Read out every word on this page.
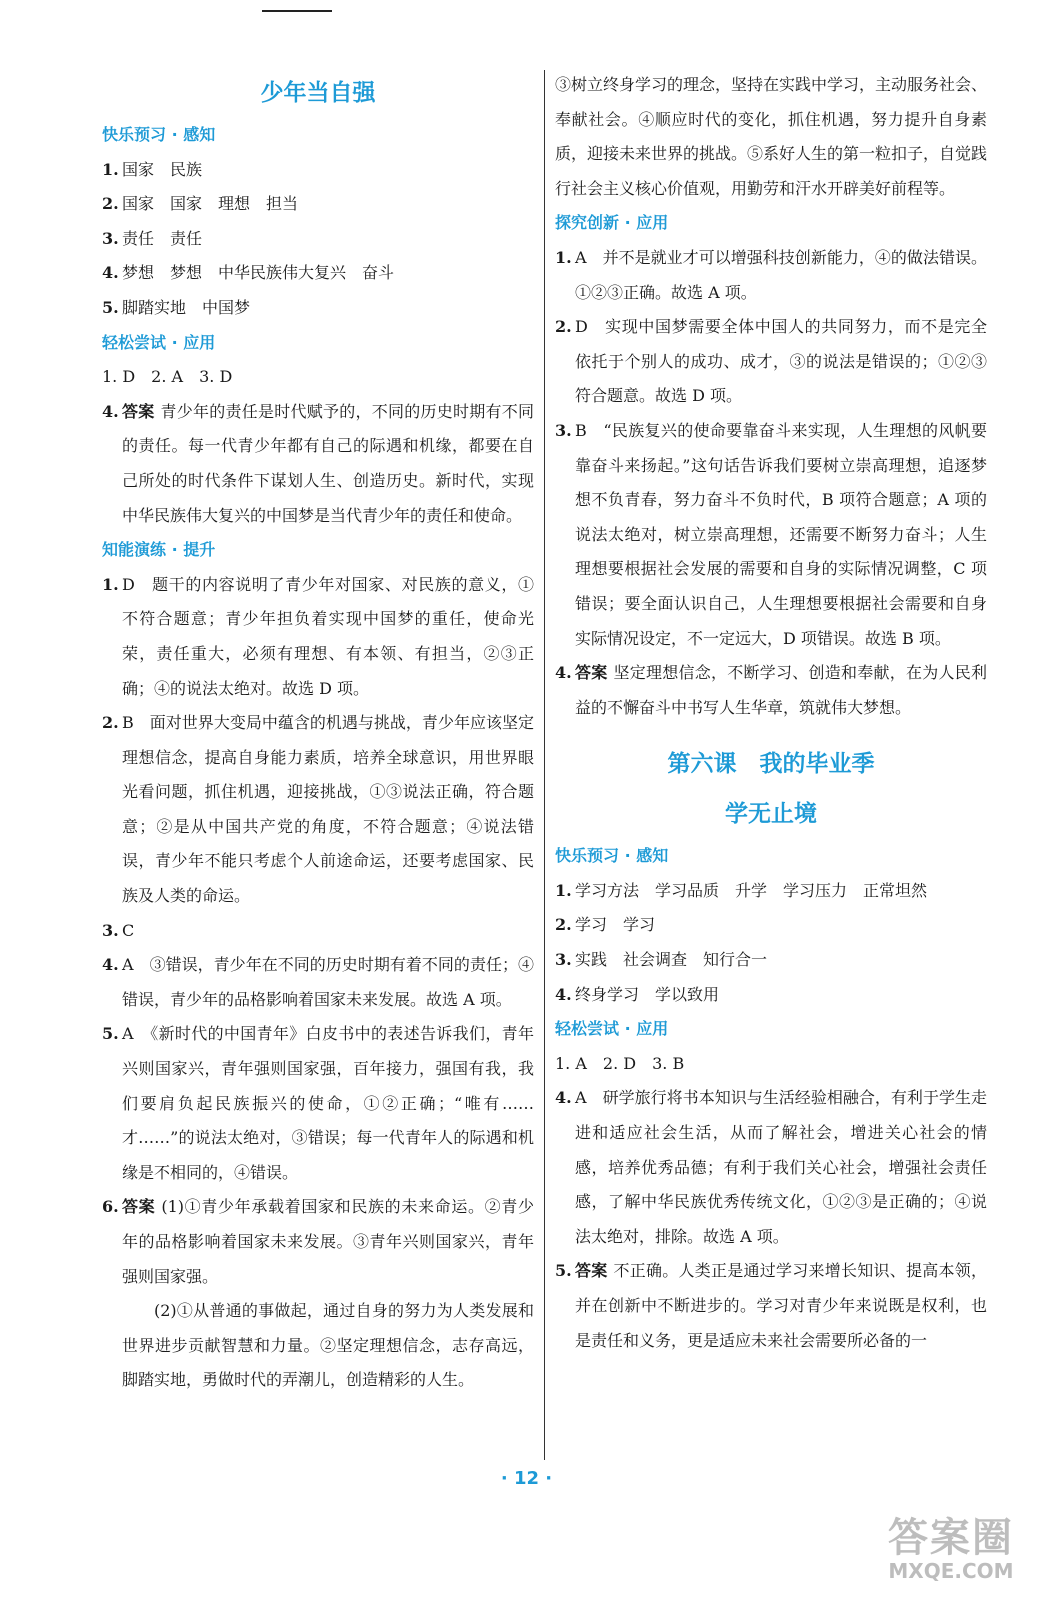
少年当自强
快乐预习 · 感知
1. 国家　民族
2. 国家　国家　理想　担当
3. 责任　责任
4. 梦想　梦想　中华民族伟大复兴　奋斗
5. 脚踏实地　中国梦
轻松尝试 · 应用
1. D　2. A　3. D
4. 答案 青少年的责任是时代赋予的，不同的历史时期有不同的责任。每一代青少年都有自己的际遇和机缘，都要在自己所处的时代条件下谋划人生、创造历史。新时代，实现中华民族伟大复兴的中国梦是当代青少年的责任和使命。
知能演练 · 提升
1. D　题干的内容说明了青少年对国家、对民族的意义，①不符合题意；青少年担负着实现中国梦的重任，使命光荣，责任重大，必须有理想、有本领、有担当，②③正确；④的说法太绝对。故选 D 项。
2. B　面对世界大变局中蕴含的机遇与挑战，青少年应该坚定理想信念，提高自身能力素质，培养全球意识，用世界眼光看问题，抓住机遇，迎接挑战，①③说法正确，符合题意；②是从中国共产党的角度，不符合题意；④说法错误，青少年不能只考虑个人前途命运，还要考虑国家、民族及人类的命运。
3. C
4. A　③错误，青少年在不同的历史时期有着不同的责任；④错误，青少年的品格影响着国家未来发展。故选 A 项。
5. A　《新时代的中国青年》白皮书中的表述告诉我们，青年兴则国家兴，青年强则国家强，百年接力，强国有我，我们要肩负起民族振兴的使命，①②正确；“唯有……才……”的说法太绝对，③错误；每一代青年人的际遇和机缘是不相同的，④错误。
6. 答案 (1)①青少年承载着国家和民族的未来命运。②青少年的品格影响着国家未来发展。③青年兴则国家兴，青年强则国家强。
(2)①从普通的事做起，通过自身的努力为人类发展和世界进步贡献智慧和力量。②坚定理想信念，志存高远，脚踏实地，勇做时代的弄潮儿，创造精彩的人生。
③树立终身学习的理念，坚持在实践中学习，主动服务社会、奉献社会。④顺应时代的变化，抓住机遇，努力提升自身素质，迎接未来世界的挑战。⑤系好人生的第一粒扣子，自觉践行社会主义核心价值观，用勤劳和汗水开辟美好前程等。
探究创新 · 应用
1. A　并不是就业才可以增强科技创新能力，④的做法错误。①②③正确。故选 A 项。
2. D　实现中国梦需要全体中国人的共同努力，而不是完全依托于个别人的成功、成才，③的说法是错误的；①②③符合题意。故选 D 项。
3. B　“民族复兴的使命要靠奋斗来实现，人生理想的风帆要靠奋斗来扬起。”这句话告诉我们要树立崇高理想，追逐梦想不负青春，努力奋斗不负时代，B 项符合题意；A 项的说法太绝对，树立崇高理想，还需要不断努力奋斗；人生理想要根据社会发展的需要和自身的实际情况调整，C 项错误；要全面认识自己，人生理想要根据社会需要和自身实际情况设定，不一定远大，D 项错误。故选 B 项。
4. 答案 坚定理想信念，不断学习、创造和奉献，在为人民利益的不懈奋斗中书写人生华章，筑就伟大梦想。
第六课　我的毕业季
学无止境
快乐预习 · 感知
1. 学习方法　学习品质　升学　学习压力　正常坦然
2. 学习　学习
3. 实践　社会调查　知行合一
4. 终身学习　学以致用
轻松尝试 · 应用
1. A　2. D　3. B
4. A　研学旅行将书本知识与生活经验相融合，有利于学生走进和适应社会生活，从而了解社会，增进关心社会的情感，培养优秀品德；有利于我们关心社会，增强社会责任感，了解中华民族优秀传统文化，①②③是正确的；④说法太绝对，排除。故选 A 项。
5. 答案 不正确。人类正是通过学习来增长知识、提高本领，并在创新中不断进步的。学习对青少年来说既是权利，也是责任和义务，更是适应未来社会需要所必备的一
· 12 ·
答案圈
MXQE.COM
